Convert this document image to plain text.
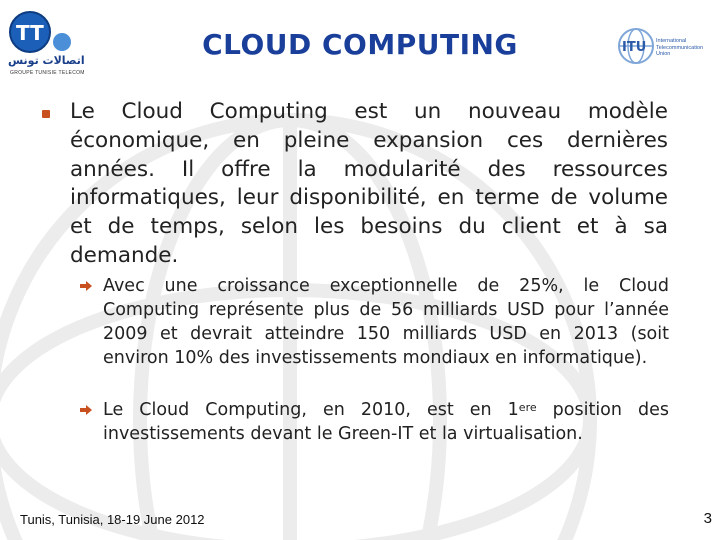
TT
اتصالات تونس
GROUPE TUNISIE TELECOM
ITU International
Telecommunication
Union
CLOUD COMPUTING
Le Cloud Computing est un nouveau modèle économique, en pleine expansion ces dernières années. Il offre la modularité des ressources informatiques, leur disponibilité, en terme de volume et de temps, selon les besoins du client et à sa demande.
Avec une croissance exceptionnelle de 25%, le Cloud Computing représente plus de 56 milliards USD pour l’année 2009 et devrait atteindre 150 milliards USD en 2013 (soit environ 10% des investissements mondiaux en informatique).
Le Cloud Computing, en 2010, est en 1ere position des investissements devant le Green-IT et la virtualisation.
Tunis, Tunisia, 18-19 June 2012	3
